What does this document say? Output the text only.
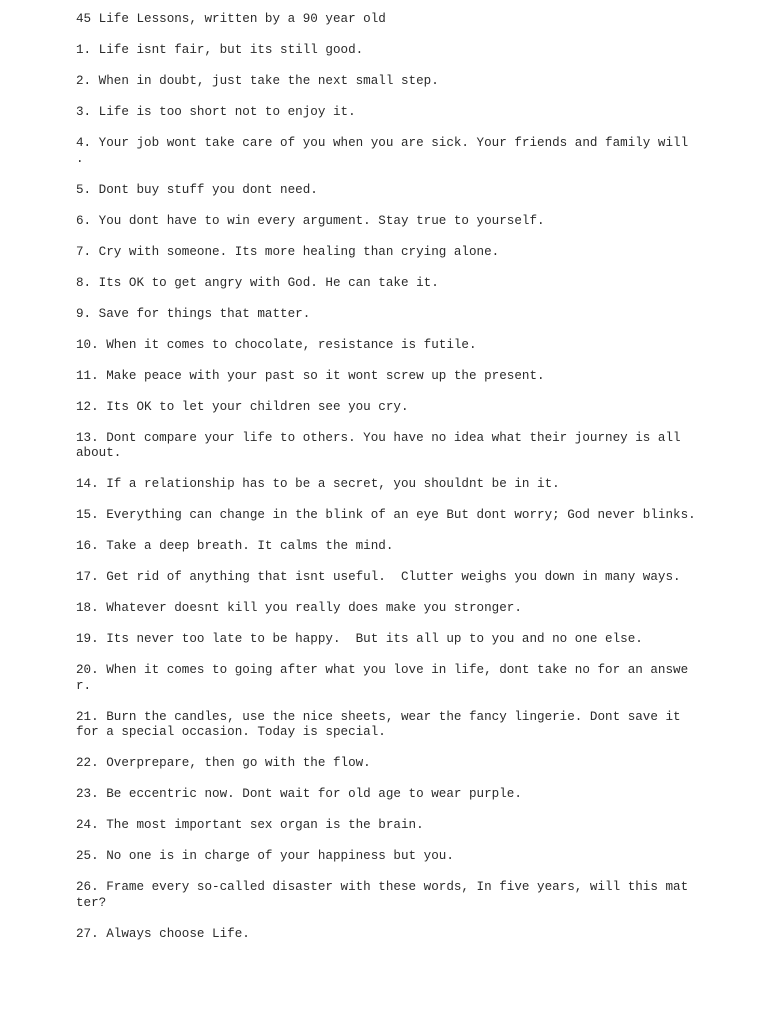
45 Life Lessons, written by a 90 year old
1. Life isnt fair, but its still good.
2. When in doubt, just take the next small step.
3. Life is too short not to enjoy it.
4. Your job wont take care of you when you are sick. Your friends and family will
.
5. Dont buy stuff you dont need.
6. You dont have to win every argument. Stay true to yourself.
7. Cry with someone. Its more healing than crying alone.
8. Its OK to get angry with God. He can take it.
9. Save for things that matter.
10. When it comes to chocolate, resistance is futile.
11. Make peace with your past so it wont screw up the present.
12. Its OK to let your children see you cry.
13. Dont compare your life to others. You have no idea what their journey is all
about.
14. If a relationship has to be a secret, you shouldnt be in it.
15. Everything can change in the blink of an eye But dont worry; God never blinks.
16. Take a deep breath. It calms the mind.
17. Get rid of anything that isnt useful.  Clutter weighs you down in many ways.
18. Whatever doesnt kill you really does make you stronger.
19. Its never too late to be happy.  But its all up to you and no one else.
20. When it comes to going after what you love in life, dont take no for an answe
r.
21. Burn the candles, use the nice sheets, wear the fancy lingerie. Dont save it
for a special occasion. Today is special.
22. Overprepare, then go with the flow.
23. Be eccentric now. Dont wait for old age to wear purple.
24. The most important sex organ is the brain.
25. No one is in charge of your happiness but you.
26. Frame every so-called disaster with these words, In five years, will this mat
ter?
27. Always choose Life.
